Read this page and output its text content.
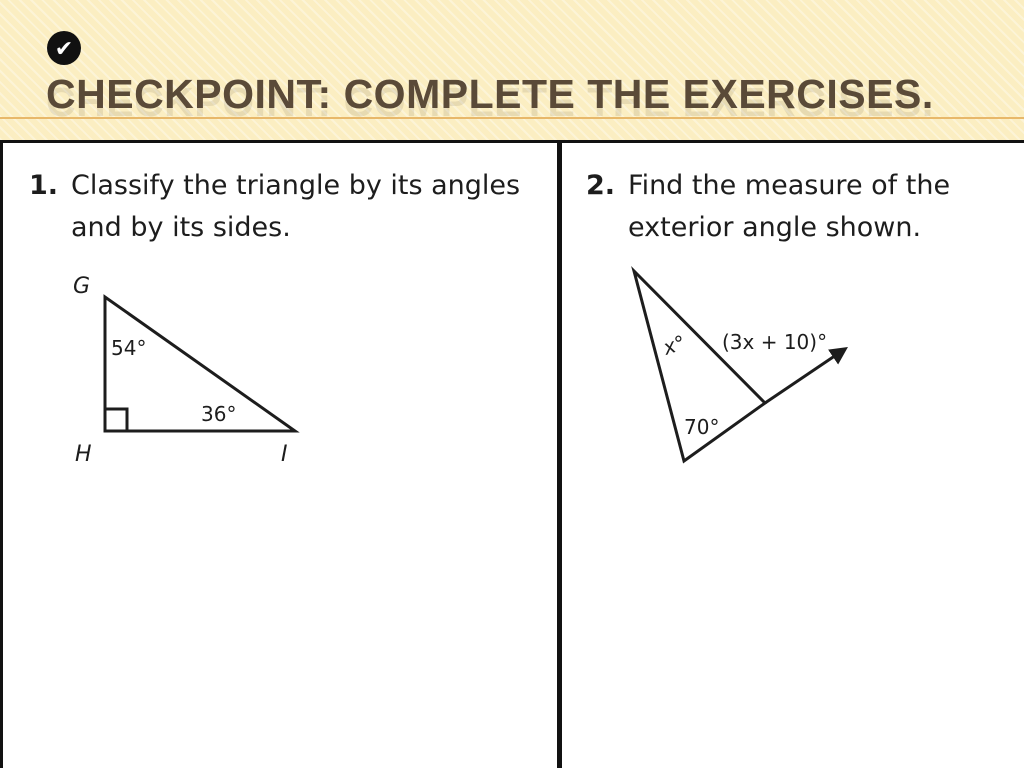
✔
CHECKPOINT: COMPLETE THE EXERCISES.

1. Classify the triangle by its angles and by its sides.

G
H	I
54°
36°

2. Find the measure of the exterior angle shown.

x°
70°
(3x + 10)°
